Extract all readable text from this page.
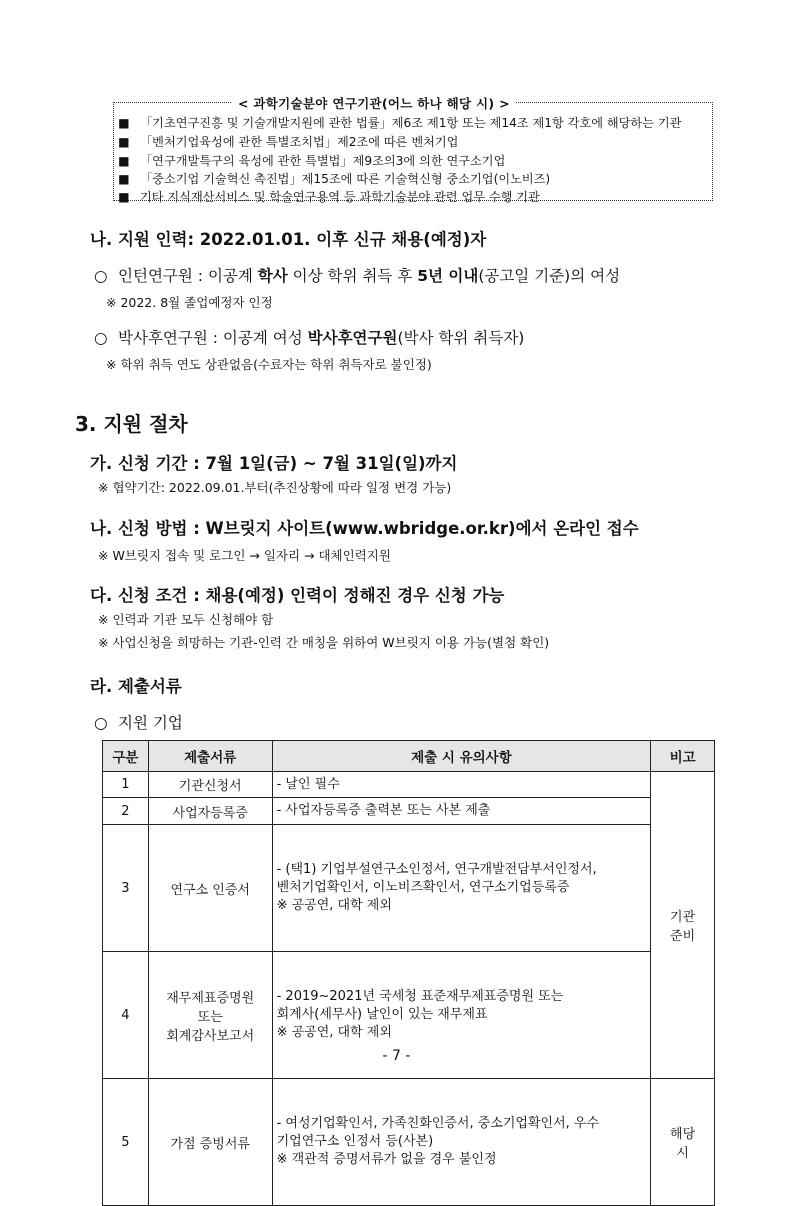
< 과학기술분야 연구기관(어느 하나 해당 시) >
■ 「기초연구진흥 및 기술개발지원에 관한 법률」제6조 제1항 또는 제14조 제1항 각호에 해당하는 기관
■ 「벤처기업육성에 관한 특별조치법」제2조에 따른 벤처기업
■ 「연구개발특구의 육성에 관한 특별법」제9조의3에 의한 연구소기업
■ 「중소기업 기술혁신 촉진법」제15조에 따른 기술혁신형 중소기업(이노비즈)
■ 기타 지식재산서비스 및 학술연구용역 등 과학기술분야 관련 업무 수행 기관
나. 지원 인력: 2022.01.01. 이후 신규 채용(예정)자
○ 인턴연구원 : 이공계 학사 이상 학위 취득 후 5년 이내(공고일 기준)의 여성
※ 2022. 8월 졸업예정자 인정
○ 박사후연구원 : 이공계 여성 박사후연구원(박사 학위 취득자)
※ 학위 취득 연도 상관없음(수료자는 학위 취득자로 불인정)
3. 지원 절차
가. 신청 기간 : 7월 1일(금) ~ 7월 31일(일)까지
※ 협약기간: 2022.09.01.부터(추진상황에 따라 일정 변경 가능)
나. 신청 방법 : W브릿지 사이트(www.wbridge.or.kr)에서 온라인 접수
※ W브릿지 접속 및 로그인 → 일자리 → 대체인력지원
다. 신청 조건 : 채용(예정) 인력이 정해진 경우 신청 가능
※ 인력과 기관 모두 신청해야 함
※ 사업신청을 희망하는 기관-인력 간 매칭을 위하여 W브릿지 이용 가능(별첨 확인)
라. 제출서류
○ 지원 기업
구분	제출서류	제출 시 유의사항	비고
1	기관신청서	- 날인 필수	기관
준비

2	사업자등록증	- 사업자등록증 출력본 또는 사본 제출	

3	연구소 인증서	- (택1) 기업부설연구소인정서, 연구개발전담부서인정서,
벤처기업확인서, 이노비즈확인서, 연구소기업등록증
※ 공공연, 대학 제외	

4	재무제표증명원
또는
회계감사보고서	- 2019~2021년 국세청 표준재무제표증명원 또는
회계사(세무사) 날인이 있는 재무제표
※ 공공연, 대학 제외	

5	가점 증빙서류	- 여성기업확인서, 가족친화인증서, 중소기업확인서, 우수
기업연구소 인정서 등(사본)
※ 객관적 증명서류가 없을 경우 불인정	해당
시
- 7 -
